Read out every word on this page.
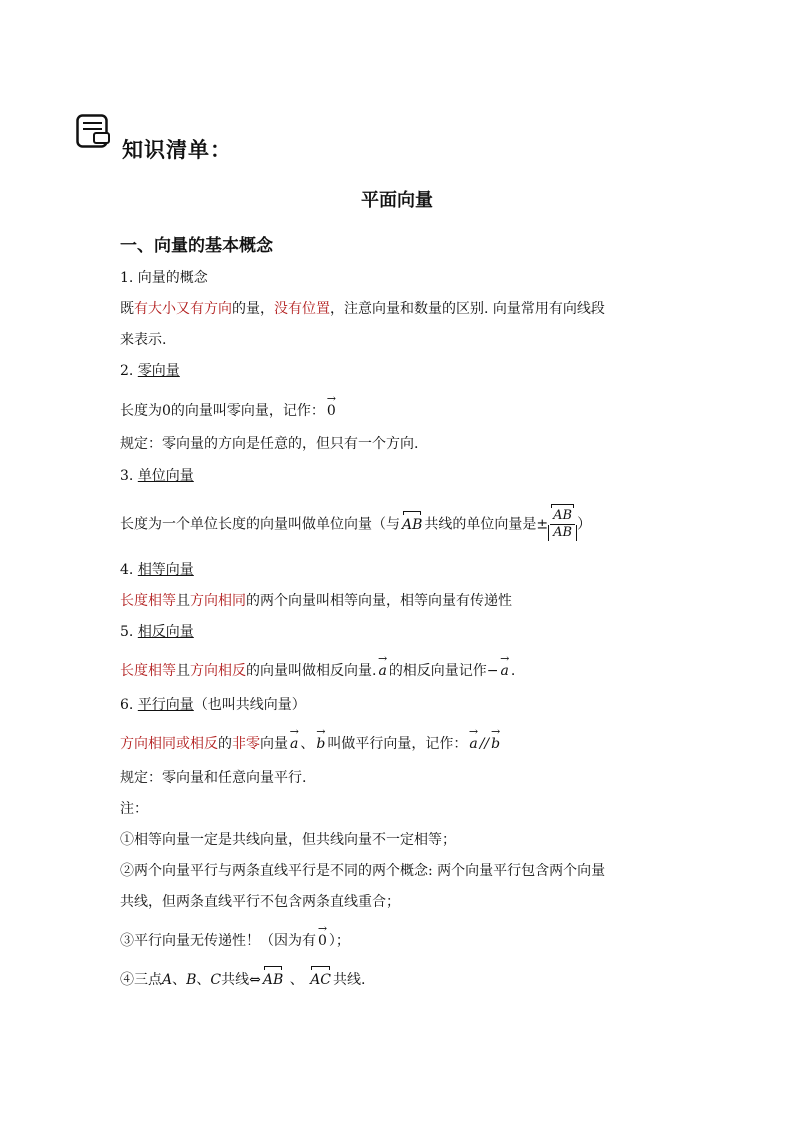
知识清单：
平面向量
一、向量的基本概念
1. 向量的概念
既有大小又有方向的量，没有位置，注意向量和数量的区别. 向量常用有向线段
来表示.
2. 零向量
长度为0的向量叫零向量，记作： → 0
规定：零向量的方向是任意的，但只有一个方向.
3. 单位向量
长度为一个单位长度的向量叫做单位向量（与 AB 共线的单位向量是± $\frac{AB}{AB}$ ）
4. 相等向量
长度相等且方向相同的两个向量叫相等向量，相等向量有传递性
5. 相反向量
长度相等且方向相反的向量叫做相反向量. → a 的相反向量记作− → a .
6. 平行向量（也叫共线向量）
方向相同或相反的非零向量 → a 、 → b 叫做平行向量，记作： → a // → b
规定：零向量和任意向量平行.
注：
①相等向量一定是共线向量，但共线向量不一定相等；
②两个向量平行与两条直线平行是不同的两个概念: 两个向量平行包含两个向量
共线，但两条直线平行不包含两条直线重合；
③平行向量无传递性！（因为有 → 0 ）；
④三点A、B、C共线⇔ AB 、 AC 共线.
